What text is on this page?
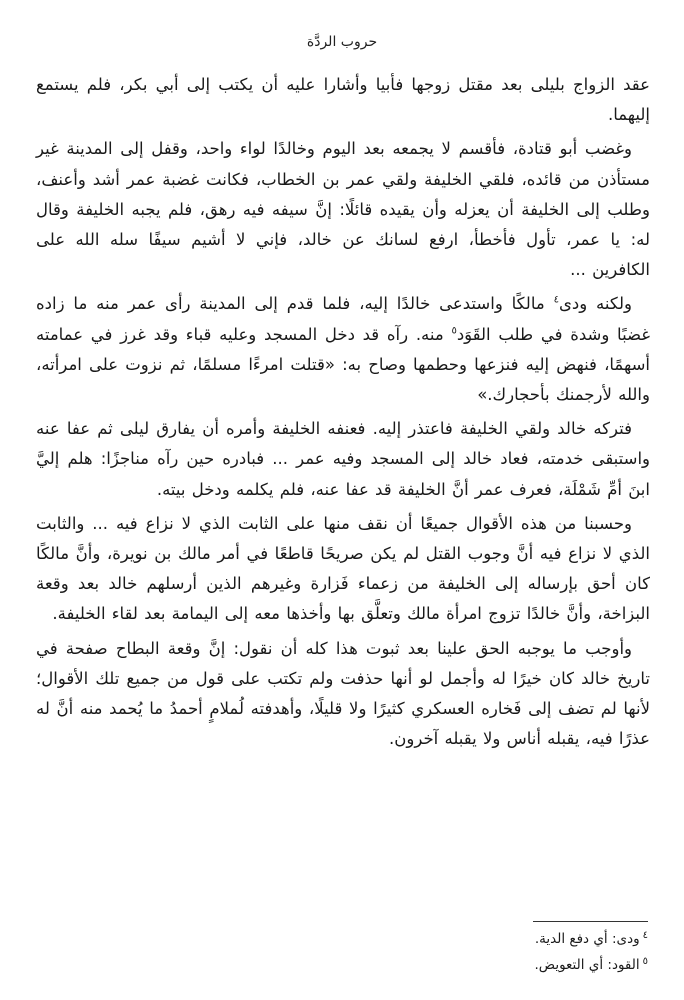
حروب الردَّة

عقد الزواج بليلى بعد مقتل زوجها فأبيا وأشارا عليه أن يكتب إلى أبي بكر، فلم يستمع إليهما.

وغضب أبو قتادة، فأقسم لا يجمعه بعد اليوم وخالدًا لواء واحد، وقفل إلى المدينة غير مستأذن من قائده، فلقي الخليفة ولقي عمر بن الخطاب، فكانت غضبة عمر أشد وأعنف، وطلب إلى الخليفة أن يعزله وأن يقيده قائلًا: إنَّ سيفه فيه رهق، فلم يجبه الخليفة وقال له: يا عمر، تأول فأخطأ، ارفع لسانك عن خالد، فإني لا أشيم سيفًا سله الله على الكافرين ...

ولكنه ودى$^٤$ مالكًا واستدعى خالدًا إليه، فلما قدم إلى المدينة رأى عمر منه ما زاده غضبًا وشدة في طلب القَوَد$^٥$ منه. رآه قد دخل المسجد وعليه قباء وقد غرز في عمامته أسهمًا، فنهض إليه فنزعها وحطمها وصاح به: «قتلت امرءًا مسلمًا، ثم نزوت على امرأته، والله لأرجمنك بأحجارك.»

فتركه خالد ولقي الخليفة فاعتذر إليه. فعنفه الخليفة وأمره أن يفارق ليلى ثم عفا عنه واستبقى خدمته، فعاد خالد إلى المسجد وفيه عمر ... فبادره حين رآه مناجزًا: هلم إليَّ ابنَ أمِّ شَمْلَة، فعرف عمر أنَّ الخليفة قد عفا عنه، فلم يكلمه ودخل بيته.

وحسبنا من هذه الأقوال جميعًا أن نقف منها على الثابت الذي لا نزاع فيه ... والثابت الذي لا نزاع فيه أنَّ وجوب القتل لم يكن صريحًا قاطعًا في أمر مالك بن نويرة، وأنَّ مالكًا كان أحق بإرساله إلى الخليفة من زعماء فَزارة وغيرهم الذين أرسلهم خالد بعد وقعة البزاخة، وأنَّ خالدًا تزوج امرأة مالك وتعلَّق بها وأخذها معه إلى اليمامة بعد لقاء الخليفة.

وأوجب ما يوجبه الحق علينا بعد ثبوت هذا كله أن نقول: إنَّ وقعة البطاح صفحة في تاريخ خالد كان خيرًا له وأجمل لو أنها حذفت ولم تكتب على قول من جميع تلك الأقوال؛ لأنها لم تضف إلى فَخاره العسكري كثيرًا ولا قليلًا، وأهدفته لُملامٍ أحمدُ ما يُحمد منه أنَّ له عذرًا فيه، يقبله أناس ولا يقبله آخرون.

$^٤$ودى: أي دفع الدية.

$^٥$القود: أي التعويض.
